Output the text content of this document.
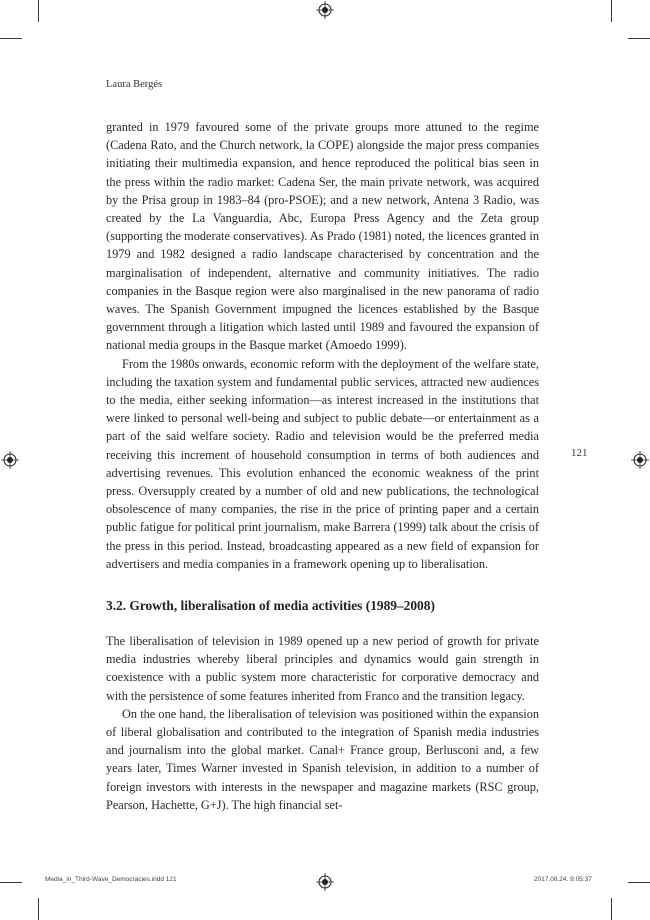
Laura Bergés

granted in 1979 favoured some of the private groups more attuned to the regime (Cadena Rato, and the Church network, la COPE) alongside the major press companies initiating their multimedia expansion, and hence reproduced the political bias seen in the press within the radio market: Cadena Ser, the main private network, was acquired by the Prisa group in 1983–84 (pro-PSOE); and a new network, Antena 3 Radio, was created by the La Vanguardia, Abc, Europa Press Agency and the Zeta group (supporting the moderate conservatives). As Prado (1981) noted, the licences granted in 1979 and 1982 designed a radio landscape characterised by concentration and the marginalisation of independent, alternative and community initiatives. The radio companies in the Basque region were also marginalised in the new panorama of radio waves. The Spanish Government impugned the licences established by the Basque government through a litigation which lasted until 1989 and favoured the expansion of national media groups in the Basque market (Amoedo 1999).

From the 1980s onwards, economic reform with the deployment of the welfare state, including the taxation system and fundamental public services, attracted new audiences to the media, either seeking information—as interest increased in the institutions that were linked to personal well-being and subject to public debate—or entertainment as a part of the said welfare society. Radio and television would be the preferred media receiving this increment of household consumption in terms of both audiences and advertising revenues. This evolution enhanced the economic weakness of the print press. Oversupply created by a number of old and new publications, the technological obsolescence of many companies, the rise in the price of printing paper and a certain public fatigue for political print journalism, make Barrera (1999) talk about the crisis of the press in this period. Instead, broadcasting appeared as a new field of expansion for advertisers and media companies in a framework opening up to liberalisation.

121
3.2. Growth, liberalisation of media activities (1989–2008)

The liberalisation of television in 1989 opened up a new period of growth for private media industries whereby liberal principles and dynamics would gain strength in coexistence with a public system more characteristic for corporative democracy and with the persistence of some features inherited from Franco and the transition legacy.

On the one hand, the liberalisation of television was positioned within the expansion of liberal globalisation and contributed to the integration of Spanish media industries and journalism into the global market. Canal+ France group, Berlusconi and, a few years later, Times Warner invested in Spanish television, in addition to a number of foreign investors with interests in the newspaper and magazine markets (RSC group, Pearson, Hachette, G+J). The high financial set-

Media_in_Third-Wave_Democracies.indd 121	2017.08.24. 9:05:37
